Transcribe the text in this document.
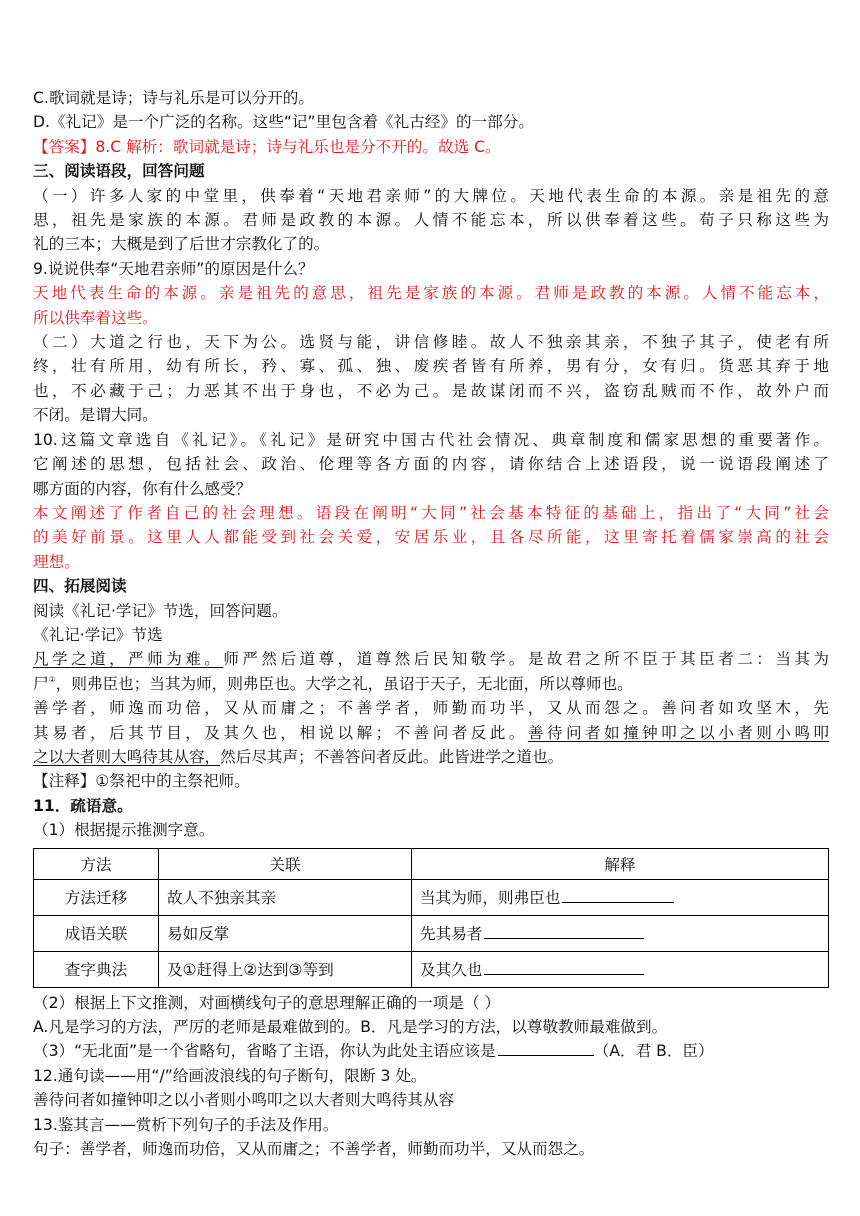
C.歌词就是诗；诗与礼乐是可以分开的。

D.《礼记》是一个广泛的名称。这些“记”里包含着《礼古经》的一部分。

【答案】8.C 解析：歌词就是诗；诗与礼乐也是分不开的。故选 C。

三、阅读语段，回答问题

（一）许多人家的中堂里，供奉着“天地君亲师”的大牌位。天地代表生命的本源。亲是祖先的意

思，祖先是家族的本源。君师是政教的本源。人情不能忘本，所以供奉着这些。荀子只称这些为

礼的三本；大概是到了后世才宗教化了的。

9.说说供奉“天地君亲师”的原因是什么？

天地代表生命的本源。亲是祖先的意思，祖先是家族的本源。君师是政教的本源。人情不能忘本，

所以供奉着这些。

（二）大道之行也，天下为公。选贤与能，讲信修睦。故人不独亲其亲，不独子其子，使老有所

终，壮有所用，幼有所长，矜、寡、孤、独、废疾者皆有所养，男有分，女有归。货恶其弃于地

也，不必藏于己；力恶其不出于身也，不必为己。是故谋闭而不兴，盗窃乱贼而不作，故外户而

不闭。是谓大同。

10.这篇文章选自《礼记》。《礼记》是研究中国古代社会情况、典章制度和儒家思想的重要著作。

它阐述的思想，包括社会、政治、伦理等各方面的内容，请你结合上述语段，说一说语段阐述了

哪方面的内容，你有什么感受？

本文阐述了作者自己的社会理想。语段在阐明“大同”社会基本特征的基础上，指出了“大同”社会

的美好前景。这里人人都能受到社会关爱，安居乐业，且各尽所能，这里寄托着儒家崇高的社会

理想。

四、拓展阅读

阅读《礼记·学记》节选，回答问题。

《礼记·学记》节选

凡学之道，严师为难。师严然后道尊，道尊然后民知敬学。是故君之所不臣于其臣者二：当其为

尸①，则弗臣也；当其为师，则弗臣也。大学之礼，虽诏于天子，无北面，所以尊师也。

善学者，师逸而功倍，又从而庸之；不善学者，师勤而功半，又从而怨之。善问者如攻坚木，先

其易者，后其节目，及其久也，相说以解；不善问者反此。善待问者如撞钟叩之以小者则小鸣叩

之以大者则大鸣待其从容，然后尽其声；不善答问者反此。此皆进学之道也。

【注释】①祭祀中的主祭祀师。

11．疏语意。

（1）根据提示推测字意。

方法	关联	解释
方法迁移	故人不独亲其亲	当其为师，则弗臣也
成语关联	易如反掌	先其易者
查字典法	及①赶得上②达到③等到	及其久也

（2）根据上下文推测，对画横线句子的意思理解正确的一项是（ ）

A.凡是学习的方法，严厉的老师是最难做到的。B．凡是学习的方法，以尊敬教师最难做到。

（3）“无北面”是一个省略句，省略了主语，你认为此处主语应该是	（A．君 B．臣）

12.通句读——用“/”给画波浪线的句子断句，限断 3 处。

善待问者如撞钟叩之以小者则小鸣叩之以大者则大鸣待其从容

13.鉴其言——赏析下列句子的手法及作用。

句子：善学者，师逸而功倍，又从而庸之；不善学者，师勤而功半，又从而怨之。
